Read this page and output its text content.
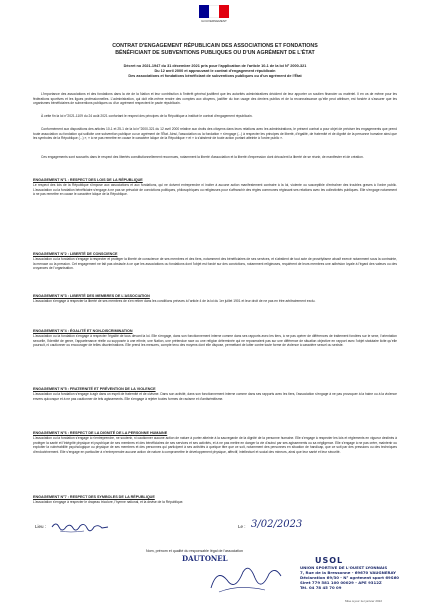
GOUVERNEMENT
CONTRAT D'ENGAGEMENT RÉPUBLICAIN DES ASSOCIATIONS ET FONDATIONS
BÉNÉFICIANT DE SUBVENTIONS PUBLIQUES OU D'UN AGRÉMENT DE L'ÉTAT
Décret no 2021-1947 du 31 décembre 2021 pris pour l'application de l'article 10-1 de la loi N° 2000-321
Du 12 avril 2000 et approuvant le contrat d'engagement républicain
Des associations et fondations bénéficiant de subventions publiques ou d'un agrément de l'État
L'importance des associations et des fondations dans la vie de la Nation et leur contribution à l'intérêt général justifient que les autorités administratives décident de leur apporter un soutien financier ou matériel. Il en va de même pour les fédérations sportives et les ligues professionnelles. L'administration, qui doit elle-même rendre des comptes aux citoyens, justifier du bon usage des deniers publics et de la reconnaissance qu'elle peut attribuer, est fondée à s'assurer que les organismes bénéficiaires de subventions publiques ou d'un agrément respectent le pacte républicain.
À cette fin la loi n°2021-1109 du 24 août 2021 confortant le respect des principes de la République a institué le contrat d'engagement républicain.
Conformément aux dispositions des articles 10-1 et 25-1 de la loi n°2000-321 du 12 avril 2000 relative aux droits des citoyens dans leurs relations avec les administrations, le présent contrat a pour objet de préciser les engagements que prend toute association ou fondation qui sollicite une subvention publique ou un agrément de l'État. Ainsi, l'association ou la fondation « s'engage (...) à respecter les principes de liberté, d'égalité, de fraternité et de dignité de la personne humaine ainsi que les symboles de la République (...) », « à ne pas remettre en cause le caractère laïque de la République » et « à s'abstenir de toute action portant atteinte à l'ordre public ».
Ces engagements sont souscrits dans le respect des libertés constitutionnellement reconnues, notamment la liberté d'association et la liberté d'expression dont découlent la liberté de se réunir, de manifester et de création.
ENGAGEMENT N°1 : RESPECT DES LOIS DE LA RÉPUBLIQUE

Le respect des lois de la République s'impose aux associations et aux fondations, qui ne doivent entreprendre ni inciter à aucune action manifestement contraire à la loi, violente ou susceptible d'entraîner des troubles graves à l'ordre public. L'association ou la fondation bénéficiaire s'engage à ne pas se prévaloir de convictions politiques, philosophiques ou religieuses pour s'affranchir des règles communes régissant ses relations avec les collectivités publiques. Elle s'engage notamment à ne pas remettre en cause le caractère laïque de la République.

ENGAGEMENT N°2 : LIBERTÉ DE CONSCIENCE

L'association ou la fondation s'engage à respecter et protéger la liberté de conscience de ses membres et des tiers, notamment des bénéficiaires de ses services, et s'abstient de tout acte de prosélytisme abusif exercé notamment sous la contrainte, la menace ou la pression. Cet engagement ne fait pas obstacle à ce que les associations ou fondations dont l'objet est fondé sur des convictions, notamment religieuses, requièrent de leurs membres une adhésion loyale à l'égard des valeurs ou des croyances de l'organisation.

ENGAGEMENT N°3 : LIBERTÉ DES MEMBRES DE L'ASSOCIATION

L'association s'engage à respecter la liberté de ses membres de s'en retirer dans les conditions prévues à l'article 4 de la loi du 1er juillet 1901 et leur droit de ne pas en être arbitrairement exclu.

ENGAGEMENT N°4 : ÉGALITÉ ET NON-DISCRIMINATION

L'association ou la fondation s'engage à respecter l'égalité de tous devant la loi. Elle s'engage, dans son fonctionnement interne comme dans ses rapports avec les tiers, à ne pas opérer de différences de traitement fondées sur le sexe, l'orientation sexuelle, l'identité de genre, l'appartenance réelle ou supposée à une ethnie, une Nation, une prétendue race ou une religion déterminée qui ne reposeraient pas sur une différence de situation objective en rapport avec l'objet statutaire licite qu'elle poursuit, ni cautionner ou encourager de telles discriminations. Elle prend les mesures, compte tenu des moyens dont elle dispose, permettant de lutter contre toute forme de violence à caractère sexuel ou sexiste.

ENGAGEMENT N°5 : FRATERNITÉ ET PRÉVENTION DE LA VIOLENCE

L'association ou la fondation s'engage à agir dans un esprit de fraternité et de civisme. Dans son activité, dans son fonctionnement interne comme dans ses rapports avec les tiers, l'association s'engage à ne pas provoquer à la haine ou à la violence envers quiconque et à ne pas cautionner de tels agissements. Elle s'engage à rejeter toutes formes de racisme et d'antisémitisme.

ENGAGEMENT N°6 : RESPECT DE LA DIGNITÉ DE LA PERSONNE HUMAINE

L'association ou la fondation s'engage à n'entreprendre, ne soutenir, ni cautionner aucune action de nature à porter atteinte à la sauvegarde de la dignité de la personne humaine. Elle s'engage à respecter les lois et règlements en vigueur destinés à protéger la santé et l'intégrité physique et psychique de ses membres et des bénéficiaires de ses services et ses activités, et à ne pas mettre en danger la vie d'autrui par ses agissements ou sa négligence. Elle s'engage à ne pas créer, maintenir ou exploiter la vulnérabilité psychologique ou physique de ses membres et des personnes qui participent à ses activités à quelque titre que ce soit, notamment des personnes en situation de handicap, que ce soit par des pressions ou des techniques d'endoctrinement. Elle s'engage en particulier à n'entreprendre aucune action de nature à compromettre le développement physique, affectif, intellectuel et social des mineurs, ainsi que leur santé et leur sécurité.

ENGAGEMENT N°7 : RESPECT DES SYMBOLES DE LA RÉPUBLIQUE

L'association s'engage à respecter le drapeau tricolore, l'hymne national, et la devise de la République.

Lieu :	Le : 3/02/2023
Nom, prénom et qualité du responsable légal de l'association
DAUTONEL	USOL
UNION SPORTIVE DE L'OUEST LYONNAIS
7, Rue de la Bressonne - 69670 VAUGNERAY
Déclaration 69/30 - N° agrément sport 69S60
Siret 779 581 100 00029 - APE 9312Z
Tél. 04 78 45 70 09
Mise à jour 1er janvier 2022
